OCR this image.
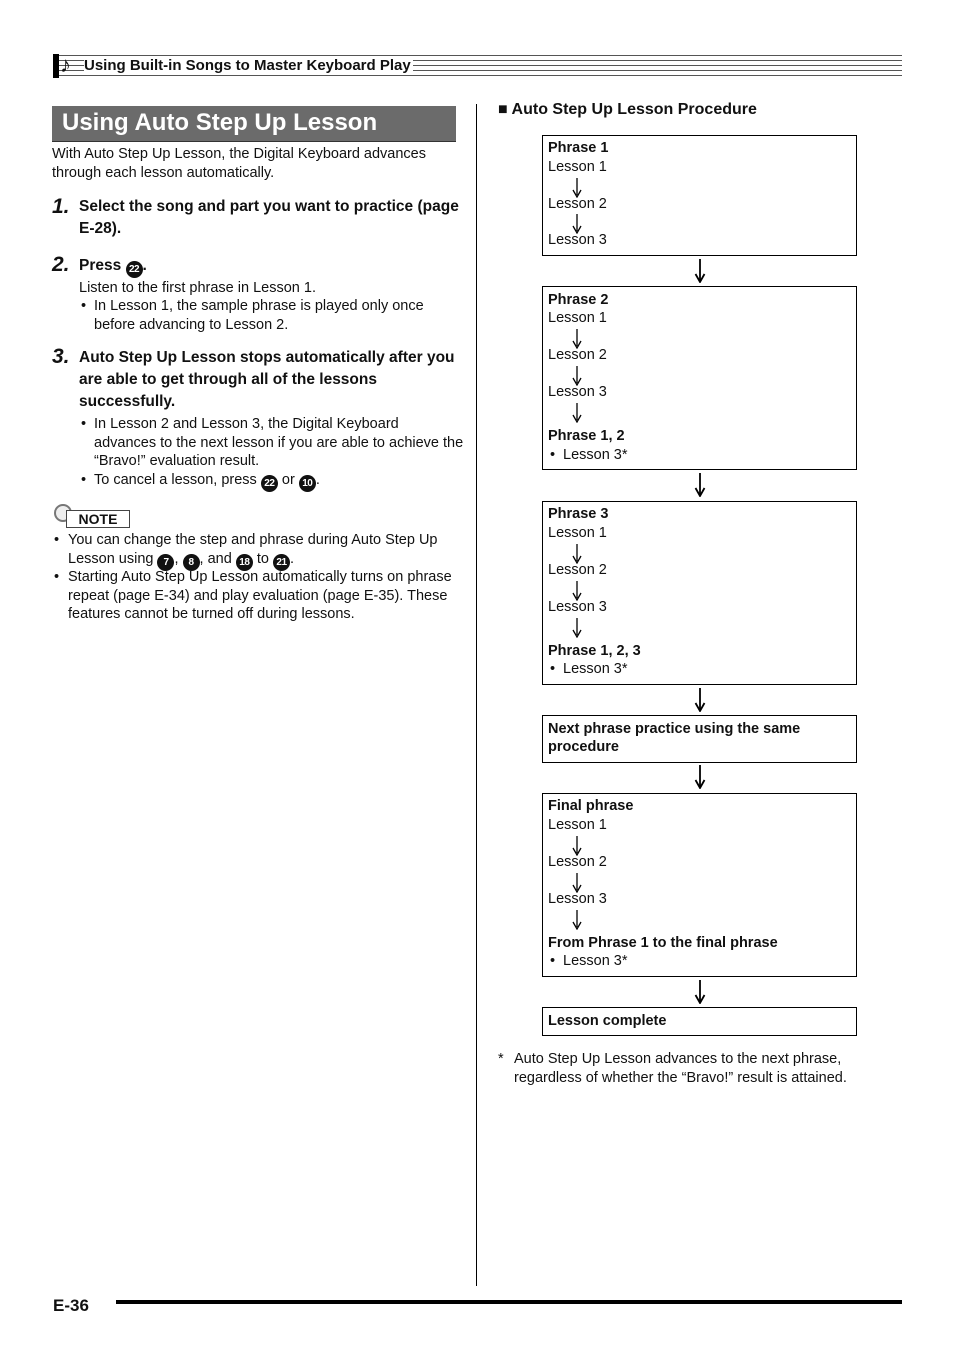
♪ Using Built-in Songs to Master Keyboard Play
Using Auto Step Up Lesson
With Auto Step Up Lesson, the Digital Keyboard advances through each lesson automatically.
1. Select the song and part you want to practice (page E-28).
2. Press 22 .
Listen to the first phrase in Lesson 1.
• In Lesson 1, the sample phrase is played only once before advancing to Lesson 2.
3. Auto Step Up Lesson stops automatically after you are able to get through all of the lessons successfully.
• In Lesson 2 and Lesson 3, the Digital Keyboard advances to the next lesson if you are able to achieve the “Bravo!” evaluation result.
• To cancel a lesson, press 22 or 10 .
NOTE
• You can change the step and phrase during Auto Step Up Lesson using 7 , 8 , and 18 to 21 .
• Starting Auto Step Up Lesson automatically turns on phrase repeat (page E-34) and play evaluation (page E-35). These features cannot be turned off during lessons.
■ Auto Step Up Lesson Procedure
Phrase 1
Lesson 1
Lesson 2
Lesson 3
Phrase 2
Lesson 1
Lesson 2
Lesson 3
Phrase 1, 2
• Lesson 3*
Phrase 3
Lesson 1
Lesson 2
Lesson 3
Phrase 1, 2, 3
• Lesson 3*
Next phrase practice using the same procedure
Final phrase
Lesson 1
Lesson 2
Lesson 3
From Phrase 1 to the final phrase
• Lesson 3*
Lesson complete
* Auto Step Up Lesson advances to the next phrase, regardless of whether the “Bravo!” result is attained.
E-36
